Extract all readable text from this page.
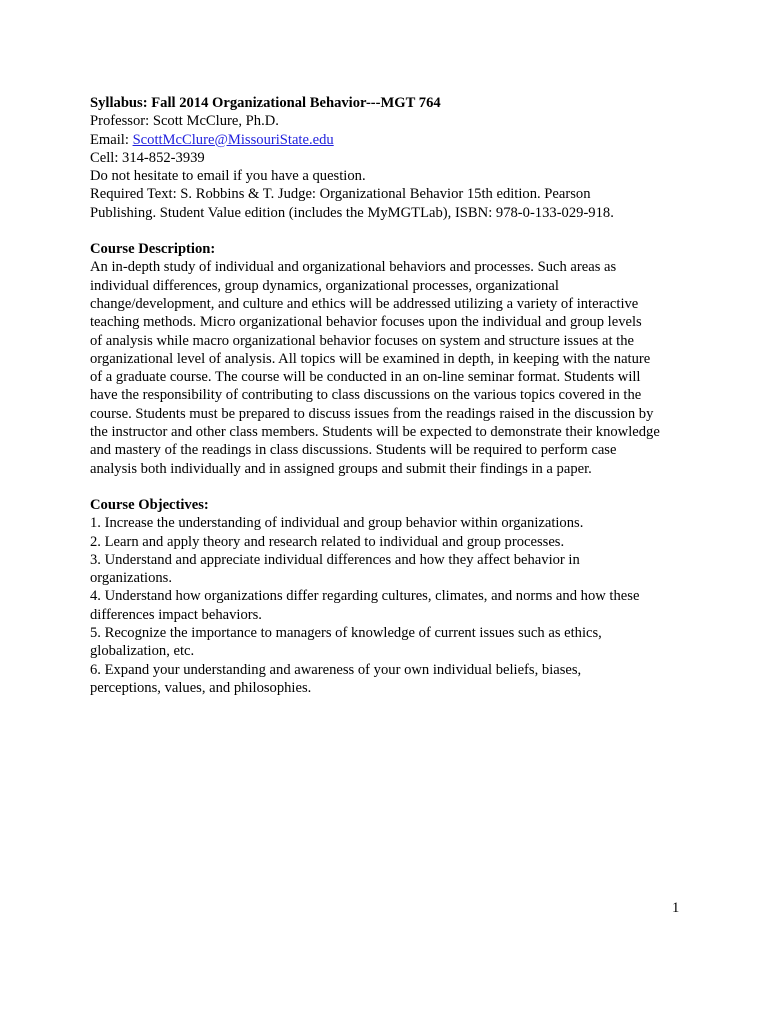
Syllabus: Fall 2014 Organizational Behavior---MGT 764
Professor: Scott McClure, Ph.D.
Email: ScottMcClure@MissouriState.edu
Cell: 314-852-3939
Do not hesitate to email if you have a question.
Required Text: S. Robbins & T. Judge: Organizational Behavior 15th edition. Pearson
Publishing. Student Value edition (includes the MyMGTLab), ISBN: 978-0-133-029-918.
Course Description:
An in-depth study of individual and organizational behaviors and processes. Such areas as
individual differences, group dynamics, organizational processes, organizational
change/development, and culture and ethics will be addressed utilizing a variety of interactive
teaching methods. Micro organizational behavior focuses upon the individual and group levels
of analysis while macro organizational behavior focuses on system and structure issues at the
organizational level of analysis. All topics will be examined in depth, in keeping with the nature
of a graduate course. The course will be conducted in an on-line seminar format. Students will
have the responsibility of contributing to class discussions on the various topics covered in the
course. Students must be prepared to discuss issues from the readings raised in the discussion by
the instructor and other class members. Students will be expected to demonstrate their knowledge
and mastery of the readings in class discussions. Students will be required to perform case
analysis both individually and in assigned groups and submit their findings in a paper.
Course Objectives:
1. Increase the understanding of individual and group behavior within organizations.
2. Learn and apply theory and research related to individual and group processes.
3. Understand and appreciate individual differences and how they affect behavior in
organizations.
4. Understand how organizations differ regarding cultures, climates, and norms and how these
differences impact behaviors.
5. Recognize the importance to managers of knowledge of current issues such as ethics,
globalization, etc.
6. Expand your understanding and awareness of your own individual beliefs, biases,
perceptions, values, and philosophies.
1
